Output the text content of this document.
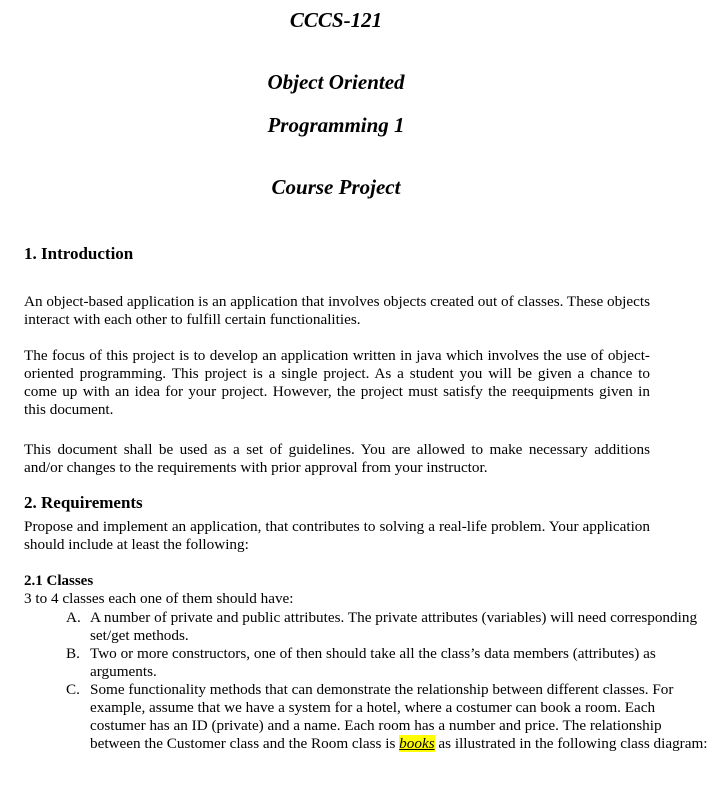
CCCS-121
Object Oriented
Programming 1
Course Project
1. Introduction
An object-based application is an application that involves objects created out of classes. These objects interact with each other to fulfill certain functionalities.
The focus of this project is to develop an application written in java which involves the use of object-oriented programming. This project is a single project. As a student you will be given a chance to come up with an idea for your project. However, the project must satisfy the reequipments given in this document.
This document shall be used as a set of guidelines. You are allowed to make necessary additions and/or changes to the requirements with prior approval from your instructor.
2. Requirements
Propose and implement an application, that contributes to solving a real-life problem. Your application should include at least the following:
2.1 Classes
3 to 4 classes each one of them should have:
A. A number of private and public attributes. The private attributes (variables) will need corresponding set/get methods.
B. Two or more constructors, one of then should take all the class’s data members (attributes) as arguments.
C. Some functionality methods that can demonstrate the relationship between different classes. For example, assume that we have a system for a hotel, where a costumer can book a room. Each costumer has an ID (private) and a name. Each room has a number and price. The relationship between the Customer class and the Room class is books as illustrated in the following class diagram:
